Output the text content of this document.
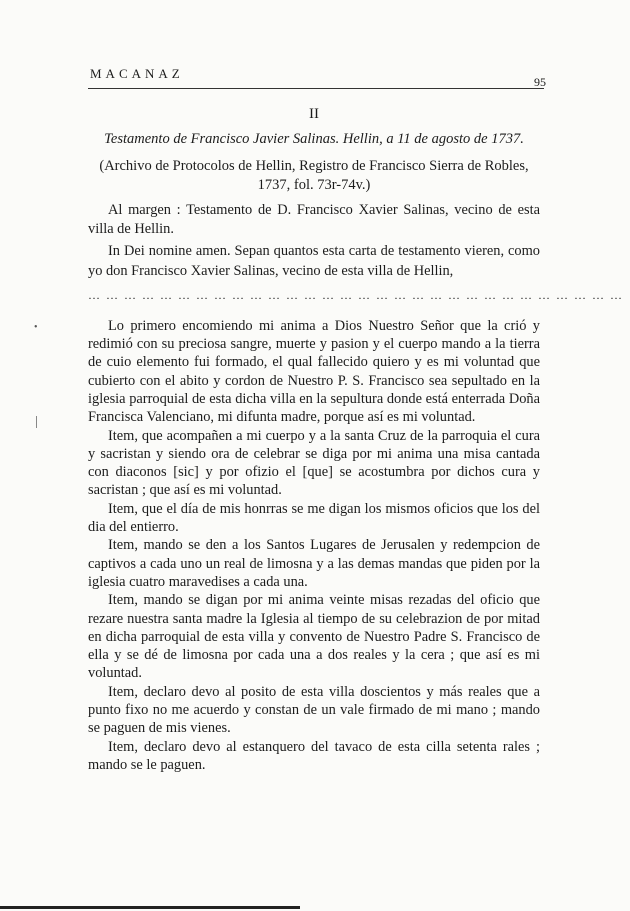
MACANAZ
95

II

Testamento de Francisco Javier Salinas. Hellin, a 11 de agosto de 1737.

(Archivo de Protocolos de Hellin, Registro de Francisco Sierra de Robles, 1737, fol. 73r-74v.)

Al margen : Testamento de D. Francisco Xavier Salinas, vecino de esta villa de Hellin.

In Dei nomine amen. Sepan quantos esta carta de testamento vieren, como yo don Francisco Xavier Salinas, vecino de esta villa de Hellin,

… … … … … … … … … … … … … … … … … … … … … … … … … … … … … …

Lo primero encomiendo mi anima a Dios Nuestro Señor que la crió y redimió con su preciosa sangre, muerte y pasion y el cuerpo mando a la tierra de cuio elemento fui formado, el qual fallecido quiero y es mi voluntad que cubierto con el abito y cordon de Nuestro P. S. Francisco sea sepultado en la iglesia parroquial de esta dicha villa en la sepultura donde está enterrada Doña Francisca Valenciano, mi difunta madre, porque así es mi voluntad.

Item, que acompañen a mi cuerpo y a la santa Cruz de la parroquia el cura y sacristan y siendo ora de celebrar se diga por mi anima una misa cantada con diaconos [sic] y por ofizio el [que] se acostumbra por dichos cura y sacristan ; que así es mi voluntad.

Item, que el día de mis honrras se me digan los mismos oficios que los del dia del entierro.

Item, mando se den a los Santos Lugares de Jerusalen y redempcion de captivos a cada uno un real de limosna y a las demas mandas que piden por la iglesia cuatro maravedises a cada una.

Item, mando se digan por mi anima veinte misas rezadas del oficio que rezare nuestra santa madre la Iglesia al tiempo de su celebrazion de por mitad en dicha parroquial de esta villa y convento de Nuestro Padre S. Francisco de ella y se dé de limosna por cada una a dos reales y la cera ; que así es mi voluntad.

Item, declaro devo al posito de esta villa doscientos y más reales que a punto fixo no me acuerdo y constan de un vale firmado de mi mano ; mando se paguen de mis vienes.

Item, declaro devo al estanquero del tavaco de esta cilla setenta rales ; mando se le paguen.

•
